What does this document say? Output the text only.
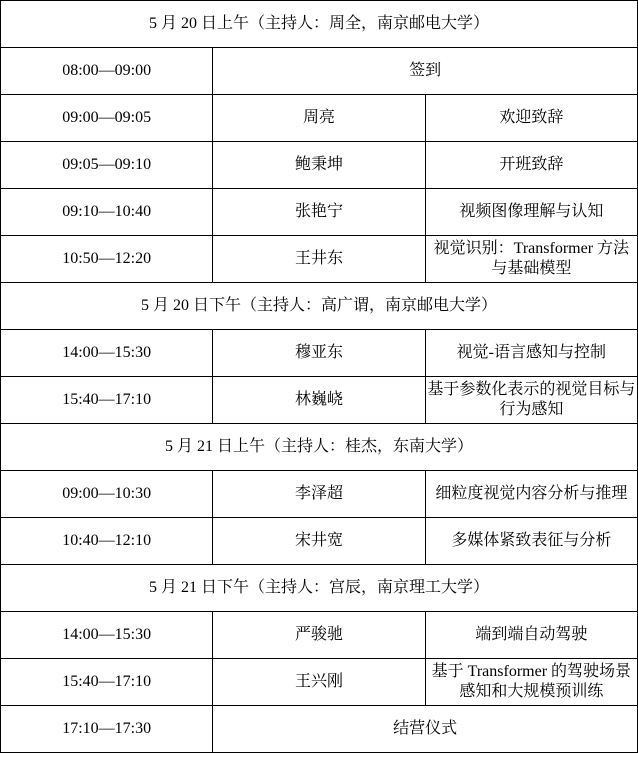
5 月 20 日上午（主持人：周全，南京邮电大学）		
08:00—09:00	签到	
09:00—09:05	周亮	欢迎致辞
09:05—09:10	鲍秉坤	开班致辞
09:10—10:40	张艳宁	视频图像理解与认知
10:50—12:20	王井东	视觉识别：Transformer 方法与基础模型
5 月 20 日下午（主持人：高广谓，南京邮电大学）		
14:00—15:30	穆亚东	视觉-语言感知与控制
15:40—17:10	林巍峣	基于参数化表示的视觉目标与行为感知
5 月 21 日上午（主持人：桂杰，东南大学）		
09:00—10:30	李泽超	细粒度视觉内容分析与推理
10:40—12:10	宋井宽	多媒体紧致表征与分析
5 月 21 日下午（主持人：宫辰，南京理工大学）		
14:00—15:30	严骏驰	端到端自动驾驶
15:40—17:10	王兴刚	基于 Transformer 的驾驶场景感知和大规模预训练
17:10—17:30	结营仪式	
